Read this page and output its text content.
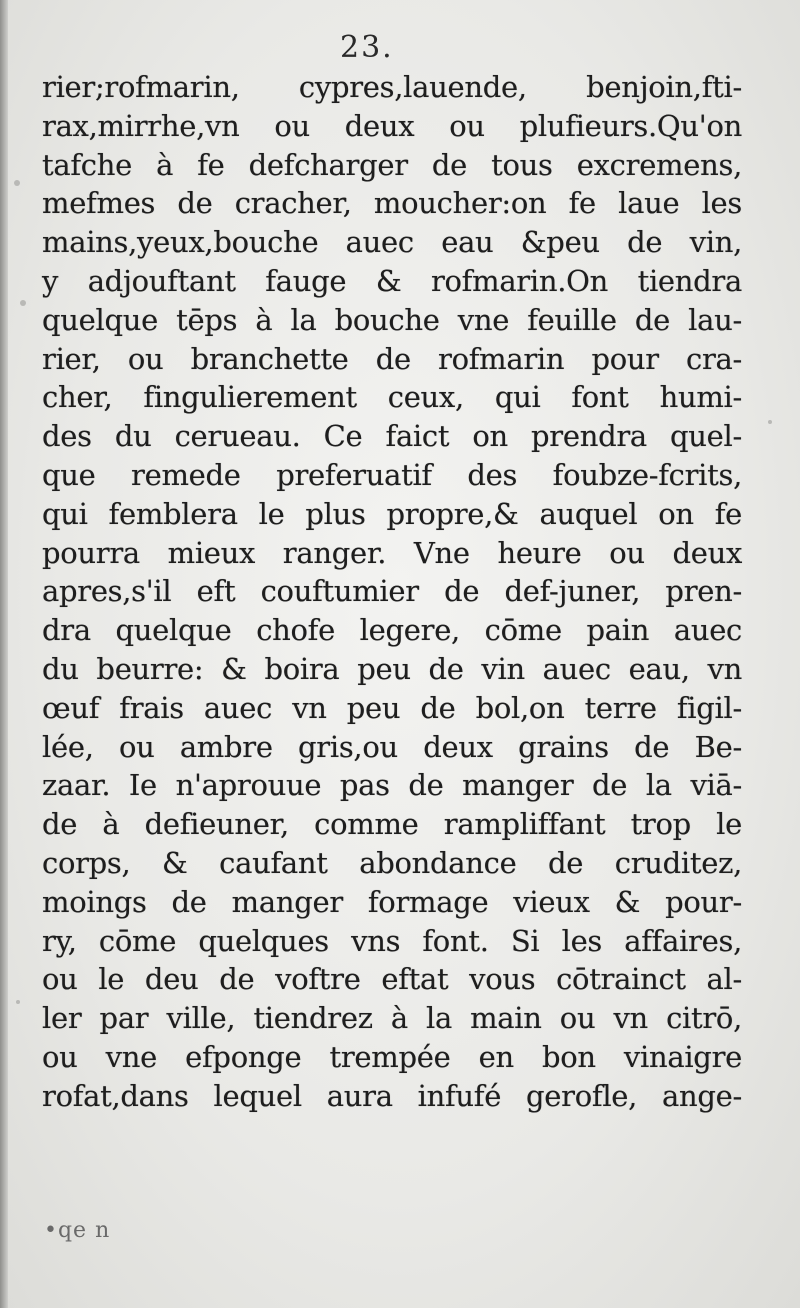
23.
rier;rofmarin, cypres,lauende, benjoin,fti-
rax,mirrhe,vn ou deux ou plufieurs.Qu'on
tafche à fe defcharger de tous excremens,
mefmes de cracher, moucher:on fe laue les
mains,yeux,bouche auec eau &peu de vin,
y adjouftant fauge & rofmarin.On tiendra
quelque tēps à la bouche vne feuille de lau-
rier, ou branchette de rofmarin pour cra-
cher, fingulierement ceux, qui font humi-
des du cerueau. Ce faict on prendra quel-
que remede preferuatif des foubze-fcrits,
qui femblera le plus propre,& auquel on fe
pourra mieux ranger. Vne heure ou deux
apres,s'il eft couftumier de def-juner, pren-
dra quelque chofe legere, cōme pain auec
du beurre: & boira peu de vin auec eau, vn
œuf frais auec vn peu de bol,on terre figil-
lée, ou ambre gris,ou deux grains de Be-
zaar. Ie n'aprouue pas de manger de la viā-
de à defieuner, comme rampliffant trop le
corps, & caufant abondance de cruditez,
moings de manger formage vieux & pour-
ry, cōme quelques vns font. Si les affaires,
ou le deu de voftre eftat vous cōtrainct al-
ler par ville, tiendrez à la main ou vn citrō,
ou vne efponge trempée en bon vinaigre
rofat,dans lequel aura infufé gerofle, ange-
•qe n
